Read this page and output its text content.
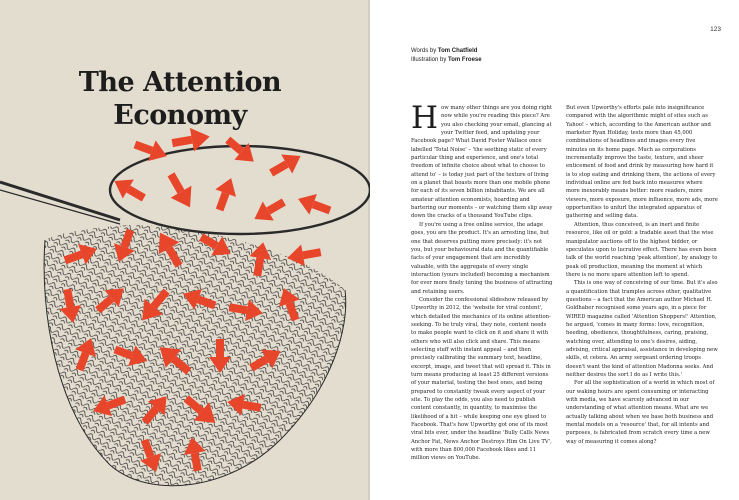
The Attention
Economy
123
Words by Tom Chatfield
Illustration by Tom Froese

How many other things are you doing right now while you're reading this piece? Are you also checking your email, glancing at your Twitter feed, and updating your Facebook page? What David Foster Wallace once labelled 'Total Noise' – 'the seething static of every particular thing and experience, and one's total freedom of infinite choice about what to choose to attend to' – is today just part of the texture of living on a planet that boasts more than one mobile phone for each of its seven billion inhabitants. We are all amateur attention economists, hoarding and bartering our moments – or watching them slip away down the cracks of a thousand YouTube clips.

If you're using a free online service, the adage goes, you are the product. It's an arresting line, but one that deserves putting more precisely: it's not you, but your behavioural data and the quantifiable facts of your engagement that are incredibly valuable, with the aggregate of every single interaction (yours included) becoming a mechanism for ever more finely tuning the business of attracting and retaining users.

Consider the confessional slideshow released by Upworthy in 2012, the 'website for viral content', which detailed the mechanics of its online attention-seeking. To be truly viral, they note, content needs to make people want to click on it and share it with others who will also click and share. This means selecting stuff with instant appeal – and then precisely calibrating the summary text, headline, excerpt, image, and tweet that will spread it. This in turn means producing at least 25 different versions of your material, testing the best ones, and being prepared to constantly tweak every aspect of your site. To play the odds, you also need to publish content constantly, in quantity, to maximise the likelihood of a hit – while keeping one eye glued to Facebook. That's how Upworthy got one of its most viral bits ever, under the headline 'Bully Calls News Anchor Fat, News Anchor Destroys Him On Live TV', with more than 800,000 Facebook likes and 11 million views on YouTube.

But even Upworthy's efforts pale into insignificance compared with the algorithmic might of sites such as Yahoo! – which, according to the American author and marketer Ryan Holiday, tests more than 45,000 combinations of headlines and images every five minutes on its home page. Much as corporations incrementally improve the taste, texture, and sheer enticement of food and drink by measuring how hard it is to stop eating and drinking them, the actions of every individual online are fed back into measures where more inexorably means better: more readers, more viewers, more exposure, more influence, more ads, more opportunities to unfurl the integrated apparatus of gathering and selling data.

Attention, thus conceived, is an inert and finite resource, like oil or gold: a tradable asset that the wise manipulator auctions off to the highest bidder, or speculates upon to lucrative effect. There has even been talk of the world reaching 'peak attention', by analogy to peak oil production, meaning the moment at which there is no more spare attention left to spend.

This is one way of conceiving of our time. But it's also a quantification that tramples across other, qualitative questions – a fact that the American author Michael H. Goldhaber recognised some years ago, in a piece for WIRED magazine called 'Attention Shoppers!' Attention, he argued, 'comes in many forms: love, recognition, heeding, obedience, thoughtfulness, caring, praising, watching over, attending to one's desires, aiding, advising, critical appraisal, assistance in developing new skills, et cetera. An army sergeant ordering troops doesn't want the kind of attention Madonna seeks. And neither desires the sort I do as I write this.'

For all the sophistication of a world in which most of our waking hours are spent consuming or interacting with media, we have scarcely advanced in our understanding of what attention means. What are we actually talking about when we base both business and mental models on a 'resource' that, for all intents and purposes, is fabricated from scratch every time a new way of measuring it comes along?
